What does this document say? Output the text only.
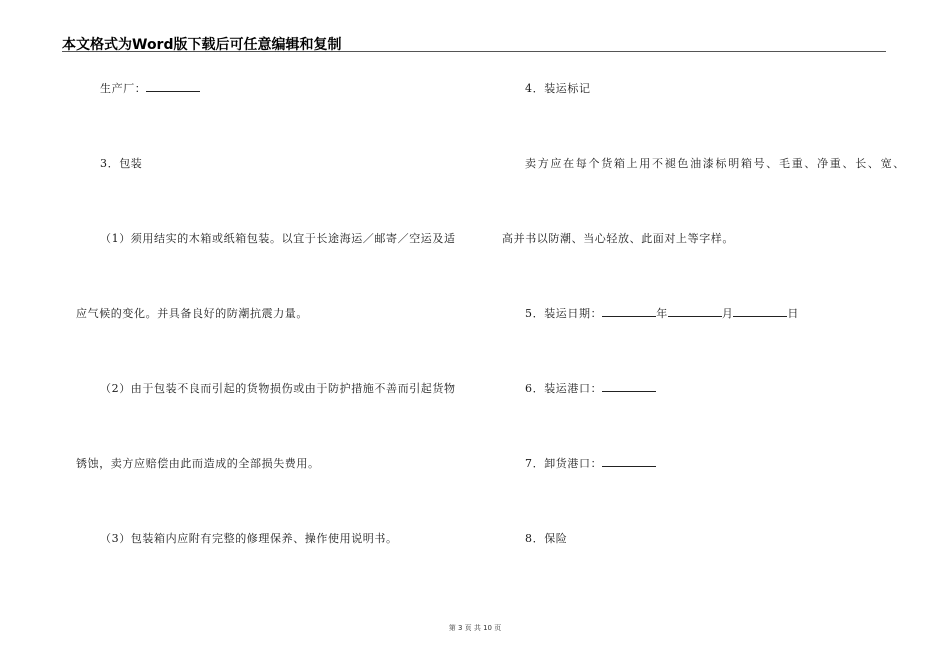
本文格式为Word版下载后可任意编辑和复制
生产厂：
3．包装
（1）须用结实的木箱或纸箱包装。以宜于长途海运／邮寄／空运及适
应气候的变化。并具备良好的防潮抗震力量。
（2）由于包装不良而引起的货物损伤或由于防护措施不善而引起货物
锈蚀，卖方应赔偿由此而造成的全部损失费用。
（3）包装箱内应附有完整的修理保养、操作使用说明书。
4．装运标记
卖方应在每个货箱上用不褪色油漆标明箱号、毛重、净重、长、宽、
高并书以防潮、当心轻放、此面对上等字样。
5．装运日期：	年	月	日
6．装运港口：
7．卸货港口：
8．保险
第 3 页 共 10 页
